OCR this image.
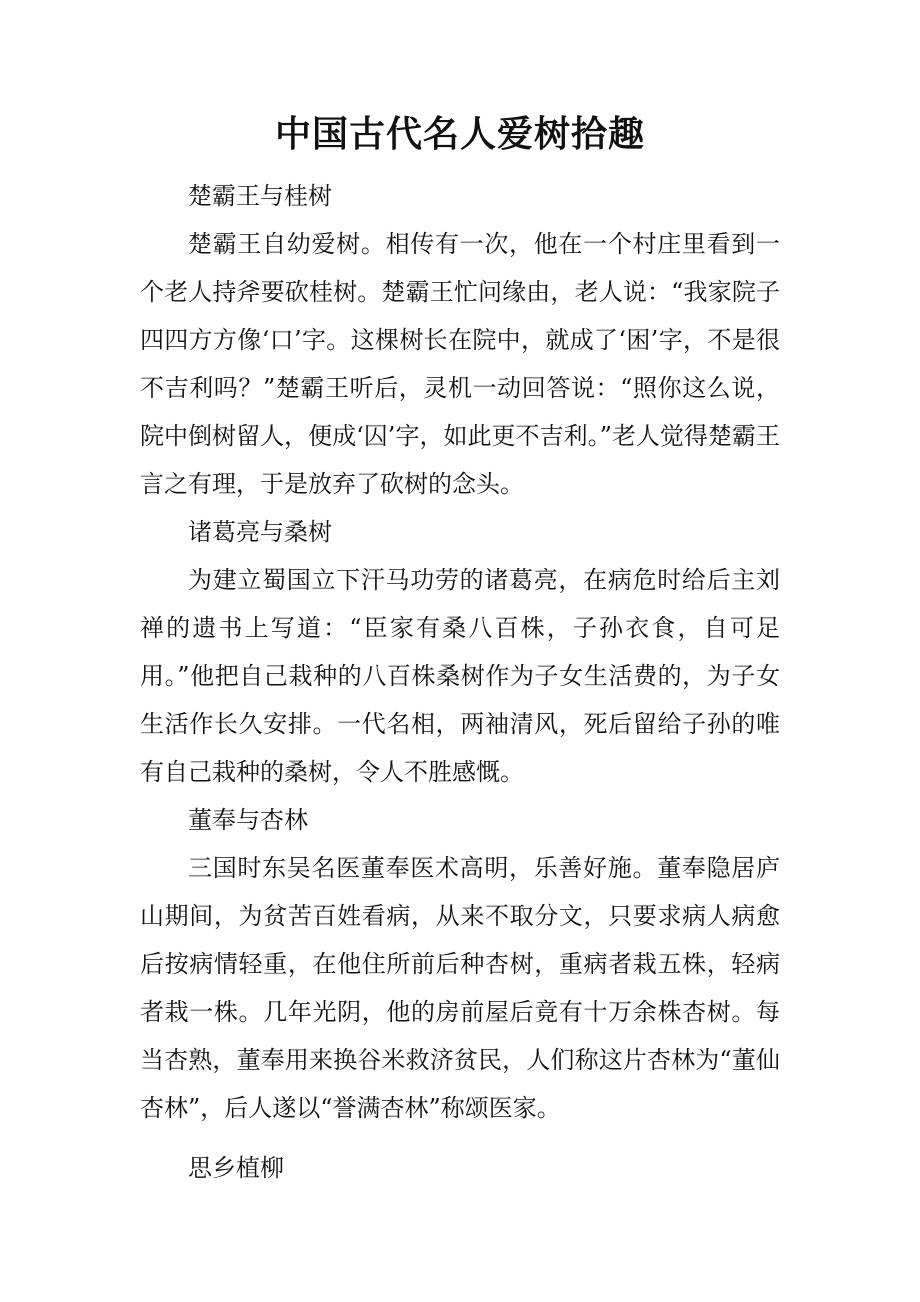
中国古代名人爱树拾趣

楚霸王与桂树

楚霸王自幼爱树。相传有一次，他在一个村庄里看到一个老人持斧要砍桂树。楚霸王忙问缘由，老人说：“我家院子四四方方像‘口’字。这棵树长在院中，就成了‘困’字，不是很不吉利吗？”楚霸王听后，灵机一动回答说：“照你这么说，院中倒树留人，便成‘囚’字，如此更不吉利。”老人觉得楚霸王言之有理，于是放弃了砍树的念头。

诸葛亮与桑树

为建立蜀国立下汗马功劳的诸葛亮，在病危时给后主刘禅的遗书上写道：“臣家有桑八百株，子孙衣食，自可足用。”他把自己栽种的八百株桑树作为子女生活费的，为子女生活作长久安排。一代名相，两袖清风，死后留给子孙的唯有自己栽种的桑树，令人不胜感慨。

董奉与杏林

三国时东吴名医董奉医术高明，乐善好施。董奉隐居庐山期间，为贫苦百姓看病，从来不取分文，只要求病人病愈后按病情轻重，在他住所前后种杏树，重病者栽五株，轻病者栽一株。几年光阴，他的房前屋后竟有十万余株杏树。每当杏熟，董奉用来换谷米救济贫民，人们称这片杏林为“董仙杏林”，后人遂以“誉满杏林”称颂医家。

思乡植柳
